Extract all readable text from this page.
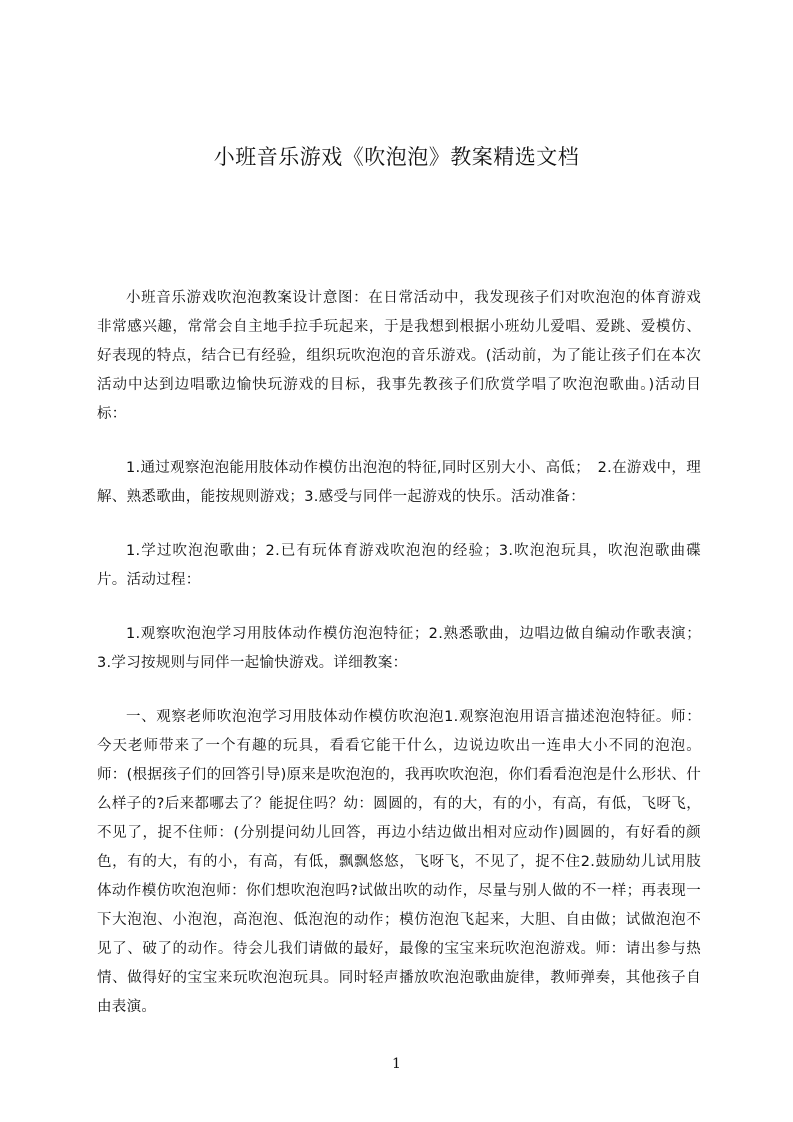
小班音乐游戏《吹泡泡》教案精选文档

小班音乐游戏吹泡泡教案设计意图：在日常活动中，我发现孩子们对吹泡泡的体育游戏非常感兴趣，常常会自主地手拉手玩起来，于是我想到根据小班幼儿爱唱、爱跳、爱模仿、好表现的特点，结合已有经验，组织玩吹泡泡的音乐游戏。(活动前，为了能让孩子们在本次活动中达到边唱歌边愉快玩游戏的目标，我事先教孩子们欣赏学唱了吹泡泡歌曲。)活动目标：

1.通过观察泡泡能用肢体动作模仿出泡泡的特征,同时区别大小、高低；　2.在游戏中，理解、熟悉歌曲，能按规则游戏；3.感受与同伴一起游戏的快乐。活动准备：

1.学过吹泡泡歌曲；2.已有玩体育游戏吹泡泡的经验；3.吹泡泡玩具，吹泡泡歌曲碟片。活动过程：

1.观察吹泡泡学习用肢体动作模仿泡泡特征；2.熟悉歌曲，边唱边做自编动作歌表演；3.学习按规则与同伴一起愉快游戏。详细教案：

一、观察老师吹泡泡学习用肢体动作模仿吹泡泡1.观察泡泡用语言描述泡泡特征。师：今天老师带来了一个有趣的玩具，看看它能干什么，边说边吹出一连串大小不同的泡泡。师：(根据孩子们的回答引导)原来是吹泡泡的，我再吹吹泡泡，你们看看泡泡是什么形状、什么样子的?后来都哪去了？能捉住吗？幼：圆圆的，有的大，有的小，有高，有低，飞呀飞，不见了，捉不住师：(分别提问幼儿回答，再边小结边做出相对应动作)圆圆的，有好看的颜色，有的大，有的小，有高，有低，飘飘悠悠，飞呀飞，不见了，捉不住2.鼓励幼儿试用肢体动作模仿吹泡泡师：你们想吹泡泡吗?试做出吹的动作，尽量与别人做的不一样；再表现一下大泡泡、小泡泡，高泡泡、低泡泡的动作；模仿泡泡飞起来，大胆、自由做；试做泡泡不见了、破了的动作。待会儿我们请做的最好，最像的宝宝来玩吹泡泡游戏。师：请出参与热情、做得好的宝宝来玩吹泡泡玩具。同时轻声播放吹泡泡歌曲旋律，教师弹奏，其他孩子自由表演。

1
